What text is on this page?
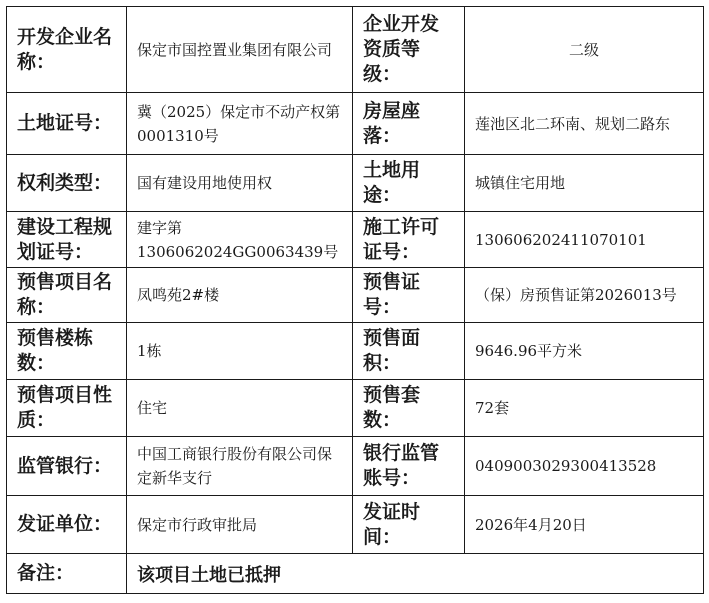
开发企业名称：	保定市国控置业集团有限公司	企业开发资质等级：	二级
土地证号：	冀（2025）保定市不动产权第0001310号	房屋座落：	莲池区北二环南、规划二路东
权利类型：	国有建设用地使用权	土地用途：	城镇住宅用地
建设工程规划证号：	建字第1306062024GG0063439号	施工许可证号：	130606202411070101
预售项目名称：	凤鸣苑2#楼	预售证号：	（保）房预售证第2026013号
预售楼栋数：	1栋	预售面积：	9646.96平方米
预售项目性质：	住宅	预售套数：	72套
监管银行：	中国工商银行股份有限公司保定新华支行	银行监管账号：	0409003029300413528
发证单位：	保定市行政审批局	发证时间：	2026年4月20日
备注：	该项目土地已抵押		
